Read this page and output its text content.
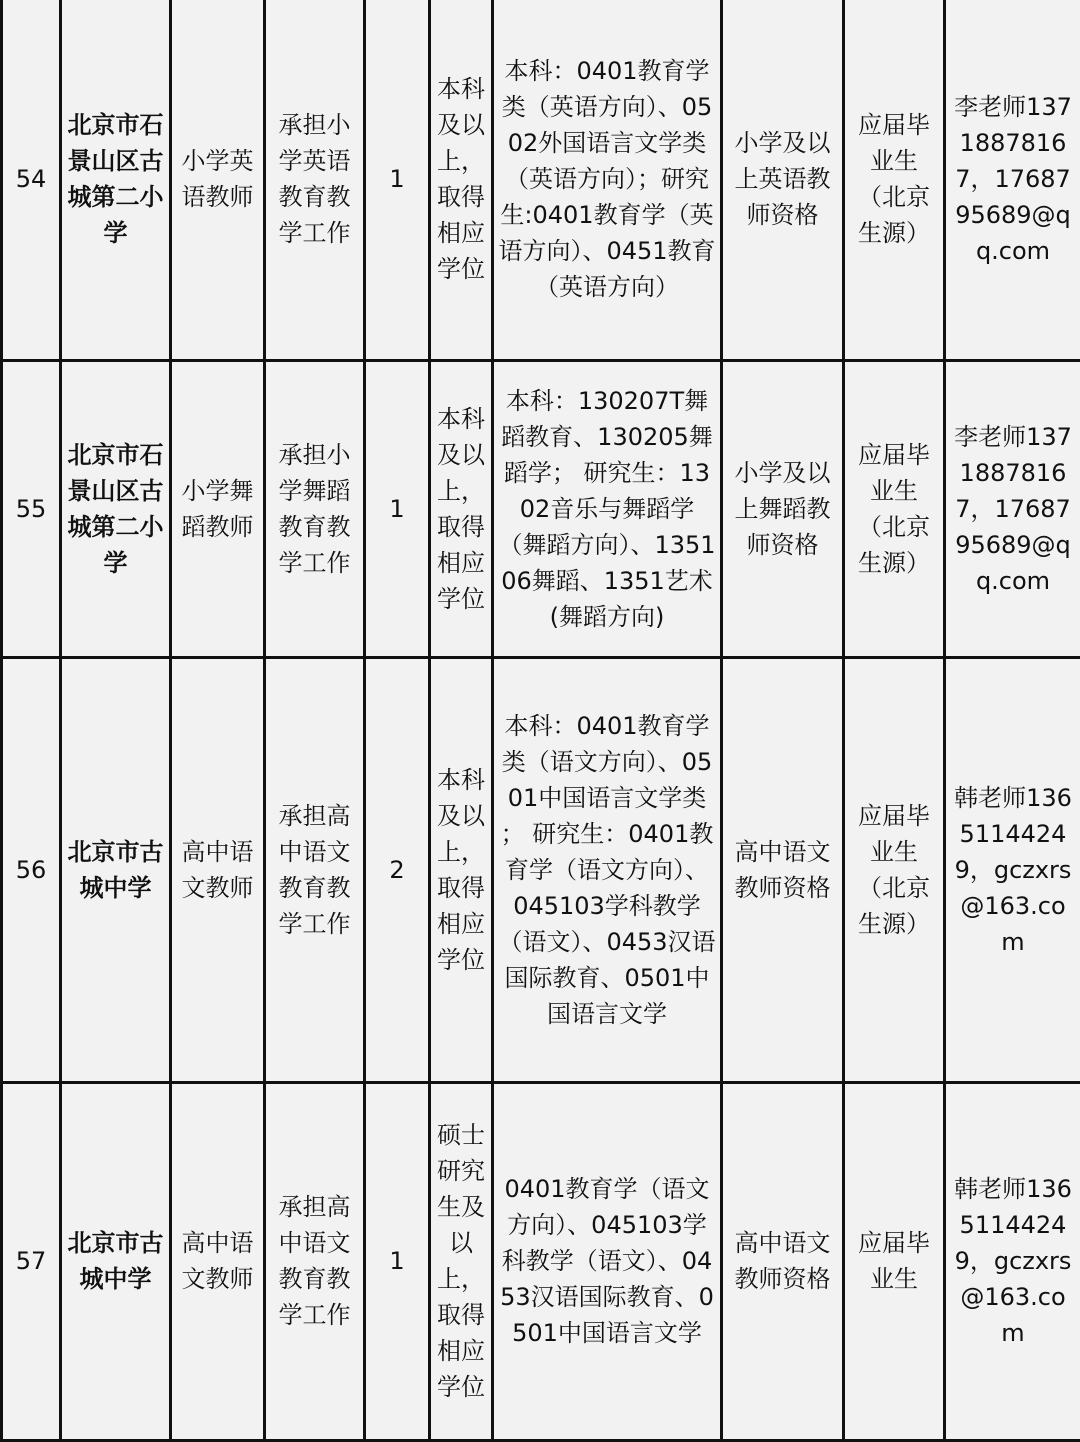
54	北京市石景山区古城第二小学	小学英语教师	承担小学英语教育教学工作	1	本科及以上，取得相应学位	本科：0401教育学类（英语方向）、0502外国语言文学类（英语方向）；研究生:0401教育学（英语方向）、0451教育（英语方向）	小学及以上英语教师资格	应届毕业生（北京生源）	李老师13718878167，1768795689@qq.com
55	北京市石景山区古城第二小学	小学舞蹈教师	承担小学舞蹈教育教学工作	1	本科及以上，取得相应学位	本科：130207T舞蹈教育、130205舞蹈学； 研究生：1302音乐与舞蹈学（舞蹈方向）、135106舞蹈、1351艺术(舞蹈方向)	小学及以上舞蹈教师资格	应届毕业生（北京生源）	李老师13718878167，1768795689@qq.com
56	北京市古城中学	高中语文教师	承担高中语文教育教学工作	2	本科及以上，取得相应学位	本科：0401教育学类（语文方向）、0501中国语言文学类 ； 研究生：0401教育学（语文方向）、045103学科教学（语文）、0453汉语国际教育、0501中国语言文学	高中语文教师资格	应届毕业生（北京生源）	韩老师13651144249，gczxrs@163.com
57	北京市古城中学	高中语文教师	承担高中语文教育教学工作	1	硕士研究生及以上，取得相应学位	0401教育学（语文方向）、045103学科教学（语文）、0453汉语国际教育、0501中国语言文学	高中语文教师资格	应届毕业生	韩老师13651144249，gczxrs@163.com
